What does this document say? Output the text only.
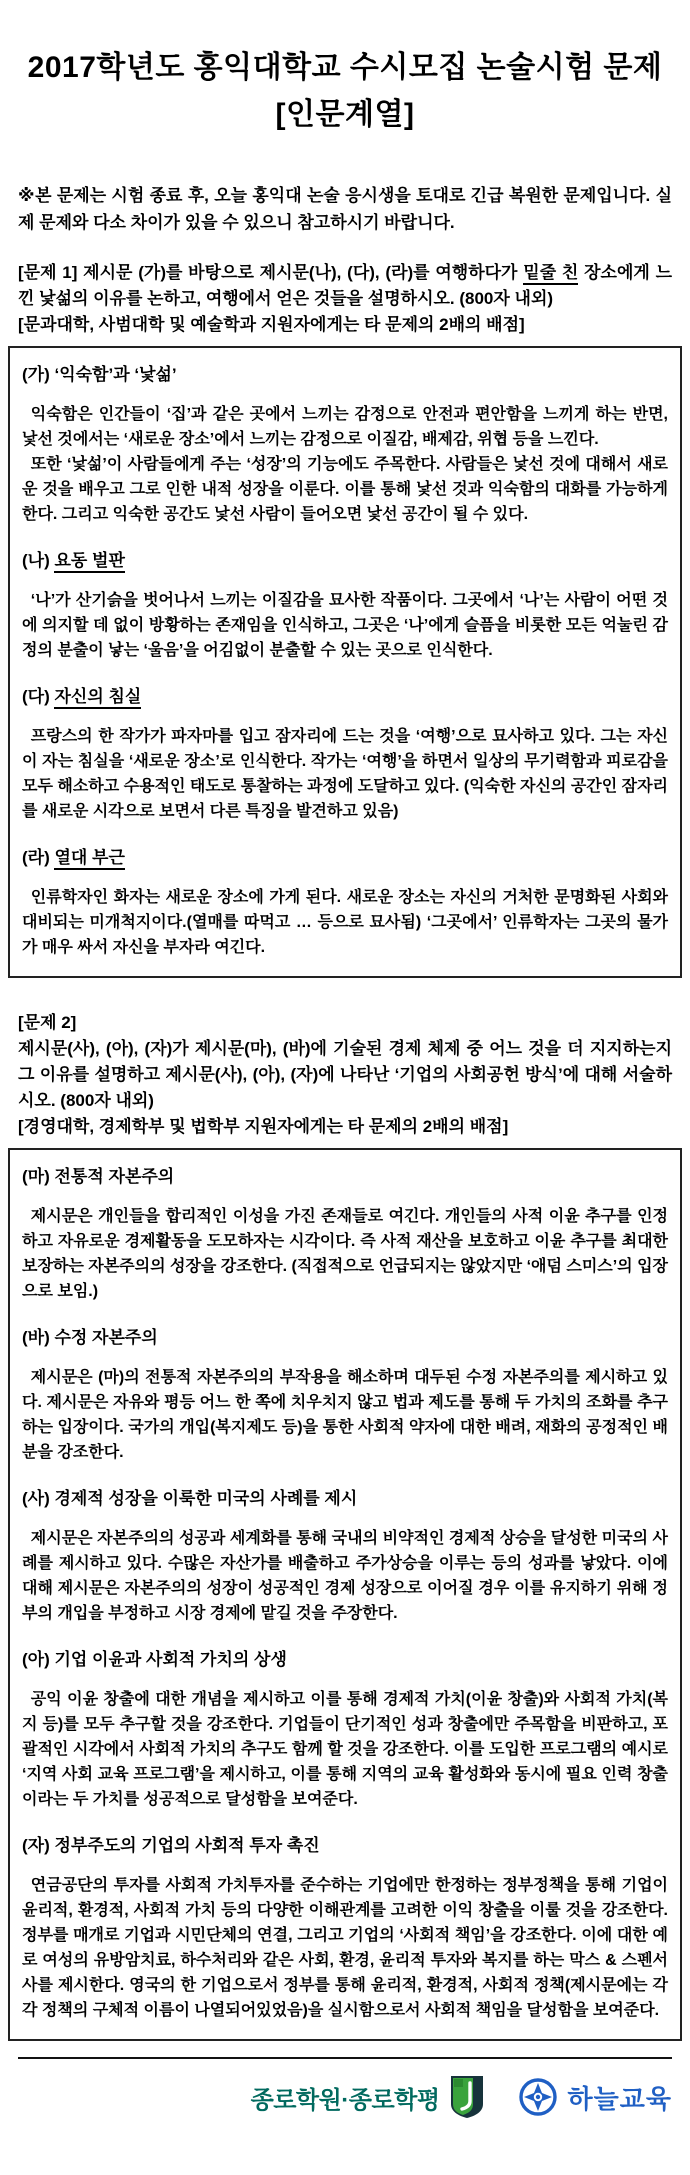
2017학년도 홍익대학교 수시모집 논술시험 문제
[인문계열]

※본 문제는 시험 종료 후, 오늘 홍익대 논술 응시생을 토대로 긴급 복원한 문제입니다. 실제 문제와 다소 차이가 있을 수 있으니 참고하시기 바랍니다.

[문제 1] 제시문 (가)를 바탕으로 제시문(나), (다), (라)를 여행하다가 밑줄 친 장소에게 느낀 낯섦의 이유를 논하고, 여행에서 얻은 것들을 설명하시오. (800자 내외)
[문과대학, 사범대학 및 예술학과 지원자에게는 타 문제의 2배의 배점]
(가) ‘익숙함’과 ‘낯섦’

익숙함은 인간들이 ‘집’과 같은 곳에서 느끼는 감정으로 안전과 편안함을 느끼게 하는 반면, 낯선 것에서는 ‘새로운 장소’에서 느끼는 감정으로 이질감, 배제감, 위협 등을 느낀다.

또한 ‘낯섦’이 사람들에게 주는 ‘성장’의 기능에도 주목한다. 사람들은 낯선 것에 대해서 새로운 것을 배우고 그로 인한 내적 성장을 이룬다. 이를 통해 낯선 것과 익숙함의 대화를 가능하게 한다. 그리고 익숙한 공간도 낯선 사람이 들어오면 낯선 공간이 될 수 있다.

(나) 요동 벌판

‘나’가 산기슭을 벗어나서 느끼는 이질감을 묘사한 작품이다. 그곳에서 ‘나’는 사람이 어떤 것에 의지할 데 없이 방황하는 존재임을 인식하고, 그곳은 ‘나’에게 슬픔을 비롯한 모든 억눌린 감정의 분출이 낳는 ‘울음’을 어김없이 분출할 수 있는 곳으로 인식한다.

(다) 자신의 침실

프랑스의 한 작가가 파자마를 입고 잠자리에 드는 것을 ‘여행’으로 묘사하고 있다. 그는 자신이 자는 침실을 ‘새로운 장소’로 인식한다. 작가는 ‘여행’을 하면서 일상의 무기력함과 피로감을 모두 해소하고 수용적인 태도로 통찰하는 과정에 도달하고 있다. (익숙한 자신의 공간인 잠자리를 새로운 시각으로 보면서 다른 특징을 발견하고 있음)

(라) 열대 부근

인류학자인 화자는 새로운 장소에 가게 된다. 새로운 장소는 자신의 거처한 문명화된 사회와 대비되는 미개척지이다.(열매를 따먹고 … 등으로 묘사됨) ‘그곳에서’ 인류학자는 그곳의 물가가 매우 싸서 자신을 부자라 여긴다.

[문제 2]
제시문(사), (아), (자)가 제시문(마), (바)에 기술된 경제 체제 중 어느 것을 더 지지하는지 그 이유를 설명하고 제시문(사), (아), (자)에 나타난 ‘기업의 사회공헌 방식’에 대해 서술하시오. (800자 내외)
[경영대학, 경제학부 및 법학부 지원자에게는 타 문제의 2배의 배점]
(마) 전통적 자본주의

제시문은 개인들을 합리적인 이성을 가진 존재들로 여긴다. 개인들의 사적 이윤 추구를 인정하고 자유로운 경제활동을 도모하자는 시각이다. 즉 사적 재산을 보호하고 이윤 추구를 최대한 보장하는 자본주의의 성장을 강조한다. (직접적으로 언급되지는 않았지만 ‘애덤 스미스’의 입장으로 보임.)

(바) 수정 자본주의

제시문은 (마)의 전통적 자본주의의 부작용을 해소하며 대두된 수정 자본주의를 제시하고 있다. 제시문은 자유와 평등 어느 한 쪽에 치우치지 않고 법과 제도를 통해 두 가치의 조화를 추구하는 입장이다. 국가의 개입(복지제도 등)을 통한 사회적 약자에 대한 배려, 재화의 공정적인 배분을 강조한다.

(사) 경제적 성장을 이룩한 미국의 사례를 제시

제시문은 자본주의의 성공과 세계화를 통해 국내의 비약적인 경제적 상승을 달성한 미국의 사례를 제시하고 있다. 수많은 자산가를 배출하고 주가상승을 이루는 등의 성과를 낳았다. 이에 대해 제시문은 자본주의의 성장이 성공적인 경제 성장으로 이어질 경우 이를 유지하기 위해 정부의 개입을 부정하고 시장 경제에 맡길 것을 주장한다.

(아) 기업 이윤과 사회적 가치의 상생

공익 이윤 창출에 대한 개념을 제시하고 이를 통해 경제적 가치(이윤 창출)와 사회적 가치(복지 등)를 모두 추구할 것을 강조한다. 기업들이 단기적인 성과 창출에만 주목함을 비판하고, 포괄적인 시각에서 사회적 가치의 추구도 함께 할 것을 강조한다. 이를 도입한 프로그램의 예시로 ‘지역 사회 교육 프로그램’을 제시하고, 이를 통해 지역의 교육 활성화와 동시에 필요 인력 창출이라는 두 가치를 성공적으로 달성함을 보여준다.

(자) 정부주도의 기업의 사회적 투자 촉진

연금공단의 투자를 사회적 가치투자를 준수하는 기업에만 한정하는 정부정책을 통해 기업이 윤리적, 환경적, 사회적 가치 등의 다양한 이해관계를 고려한 이익 창출을 이룰 것을 강조한다. 정부를 매개로 기업과 시민단체의 연결, 그리고 기업의 ‘사회적 책임’을 강조한다. 이에 대한 예로 여성의 유방암치료, 하수처리와 같은 사회, 환경, 윤리적 투자와 복지를 하는 막스 & 스펜서사를 제시한다. 영국의 한 기업으로서 정부를 통해 윤리적, 환경적, 사회적 정책(제시문에는 각각 정책의 구체적 이름이 나열되어있었음)을 실시함으로서 사회적 책임을 달성함을 보여준다.

종로학원·종로학평	하늘교육
